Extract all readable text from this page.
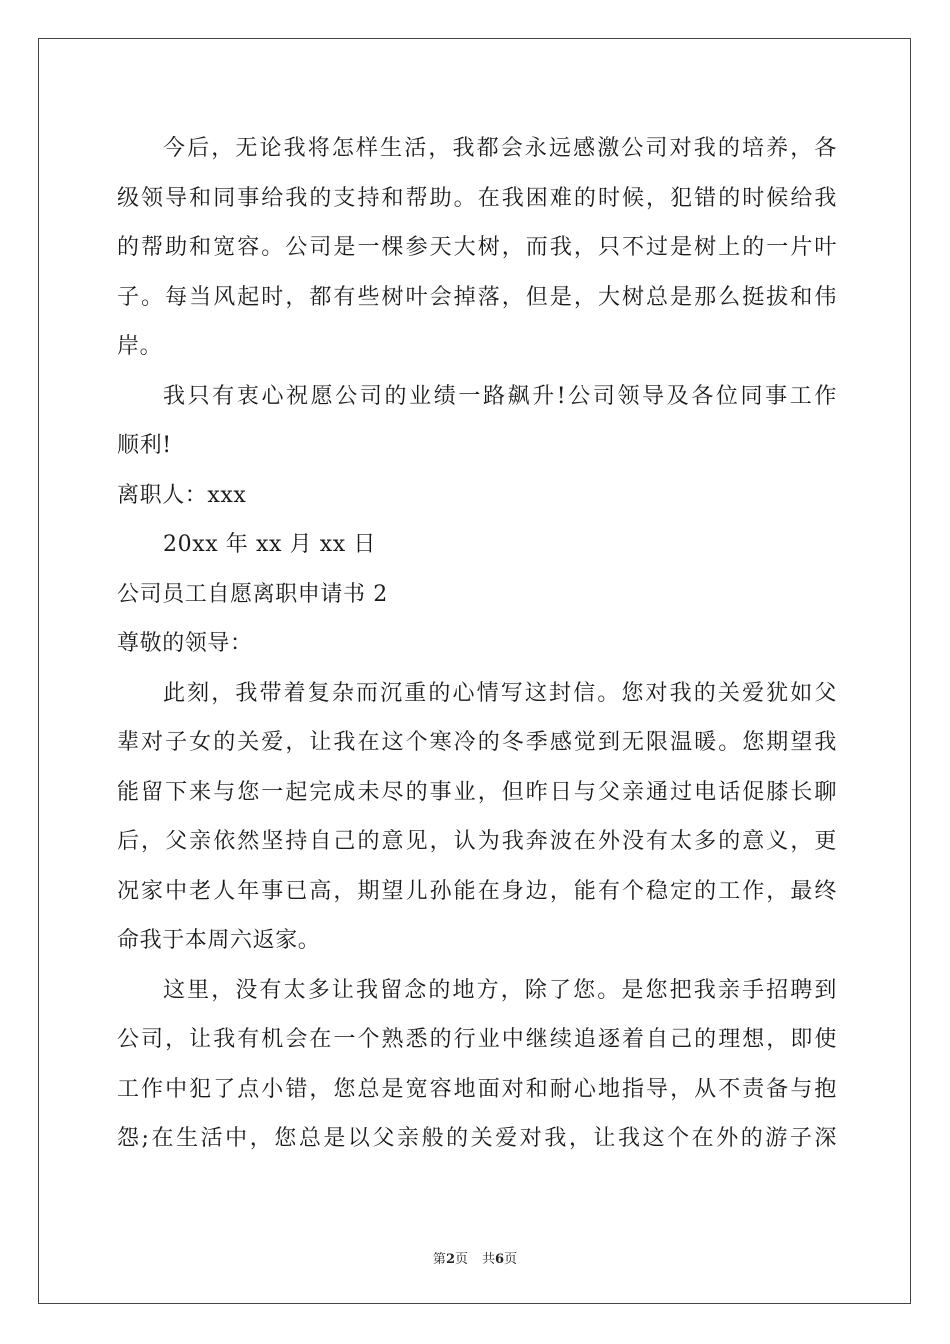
今后，无论我将怎样生活，我都会永远感激公司对我的培养，各
级领导和同事给我的支持和帮助。在我困难的时候，犯错的时候给我
的帮助和宽容。公司是一棵参天大树，而我，只不过是树上的一片叶
子。每当风起时，都有些树叶会掉落，但是，大树总是那么挺拔和伟
岸。
我只有衷心祝愿公司的业绩一路飙升!公司领导及各位同事工作
顺利!
离职人：xxx
20xx 年 xx 月 xx 日
公司员工自愿离职申请书 2
尊敬的领导：
此刻，我带着复杂而沉重的心情写这封信。您对我的关爱犹如父
辈对子女的关爱，让我在这个寒冷的冬季感觉到无限温暖。您期望我
能留下来与您一起完成未尽的事业，但昨日与父亲通过电话促膝长聊
后，父亲依然坚持自己的意见，认为我奔波在外没有太多的意义，更
况家中老人年事已高，期望儿孙能在身边，能有个稳定的工作，最终
命我于本周六返家。
这里，没有太多让我留念的地方，除了您。是您把我亲手招聘到
公司，让我有机会在一个熟悉的行业中继续追逐着自己的理想，即使
工作中犯了点小错，您总是宽容地面对和耐心地指导，从不责备与抱
怨;在生活中，您总是以父亲般的关爱对我，让我这个在外的游子深
第2页 共6页
